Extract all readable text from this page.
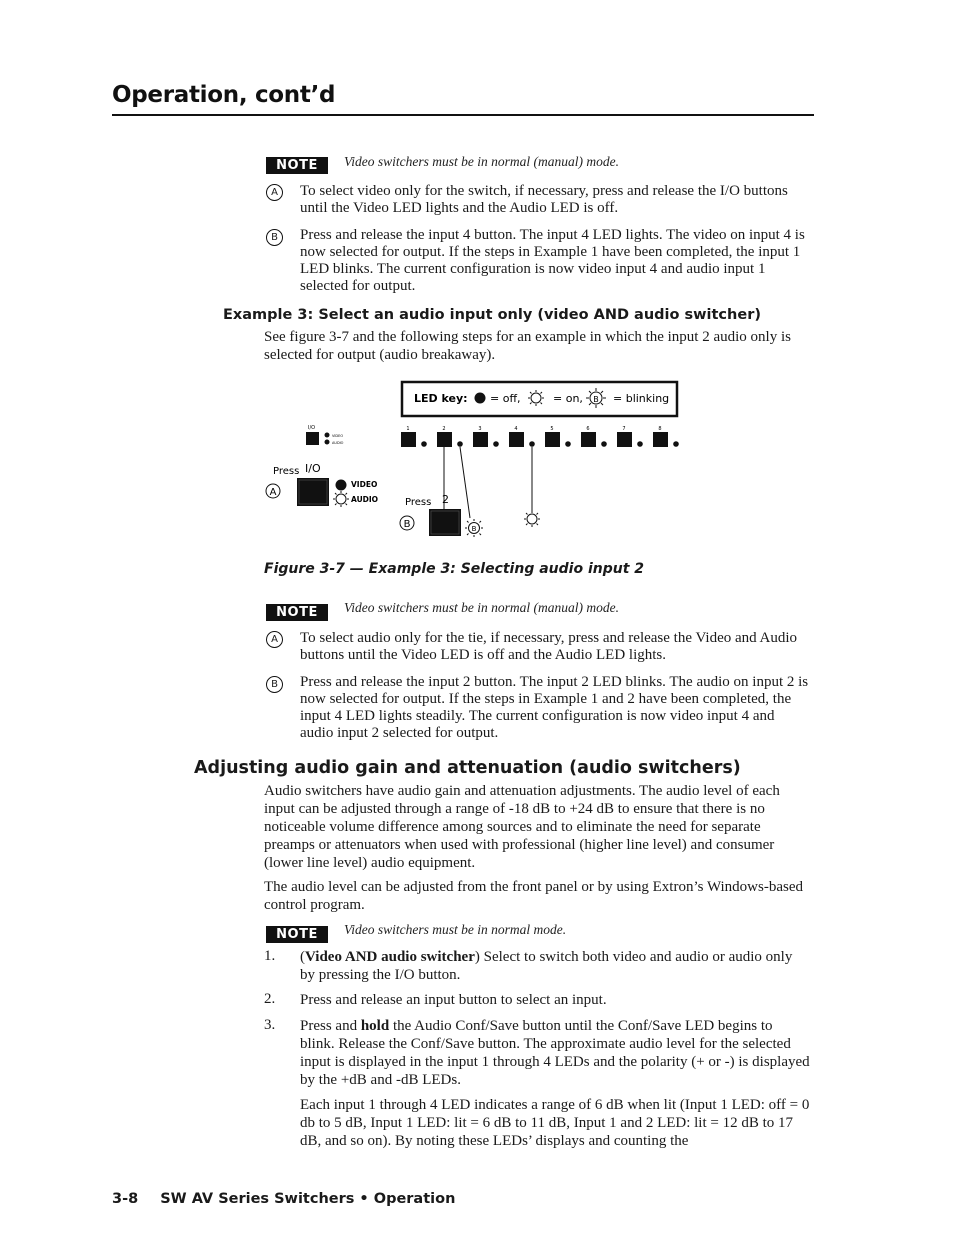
Operation, cont’d
NOTE	Video switchers must be in normal (manual) mode.
A	To select video only for the switch, if necessary, press and release the I/O buttons until the Video LED lights and the Audio LED is off.
B	Press and release the input 4 button. The input 4 LED lights. The video on input 4 is now selected for output. If the steps in Example 1 have been completed, the input 1 LED blinks. The current configuration is now video input 4 and audio input 1 selected for output.
Example 3: Select an audio input only (video AND audio switcher)
See figure 3-7 and the following steps for an example in which the input 2 audio only is selected for output (audio breakaway).
LED key: = off,	= on, B = blinking
I/O
VIDEO
AUDIO
Press I/O
VIDEO
AUDIO
A
1	2	3	4	5	6	7	8
Press 2
B
B
Figure 3-7 — Example 3: Selecting audio input 2
NOTE	Video switchers must be in normal (manual) mode.
A	To select audio only for the tie, if necessary, press and release the Video and Audio buttons until the Video LED is off and the Audio LED lights.
B	Press and release the input 2 button. The input 2 LED blinks. The audio on input 2 is now selected for output. If the steps in Example 1 and 2 have been completed, the input 4 LED lights steadily. The current configuration is now video input 4 and audio input 2 selected for output.
Adjusting audio gain and attenuation (audio switchers)
Audio switchers have audio gain and attenuation adjustments. The audio level of each input can be adjusted through a range of -18 dB to +24 dB to ensure that there is no noticeable volume difference among sources and to eliminate the need for separate preamps or attenuators when used with professional (higher line level) and consumer (lower line level) audio equipment.
The audio level can be adjusted from the front panel or by using Extron’s Windows-based control program.
NOTE	Video switchers must be in normal mode.
1. (Video AND audio switcher) Select to switch both video and audio or audio only by pressing the I/O button.
2. Press and release an input button to select an input.
3. Press and hold the Audio Conf/Save button until the Conf/Save LED begins to blink. Release the Conf/Save button. The approximate audio level for the selected input is displayed in the input 1 through 4 LEDs and the polarity (+ or -) is displayed by the +dB and -dB LEDs.
Each input 1 through 4 LED indicates a range of 6 dB when lit (Input 1 LED: off = 0 db to 5 dB, Input 1 LED: lit = 6 dB to 11 dB, Input 1 and 2 LED: lit = 12 dB to 17 dB, and so on). By noting these LEDs’ displays and counting the
3-8 SW AV Series Switchers • Operation
